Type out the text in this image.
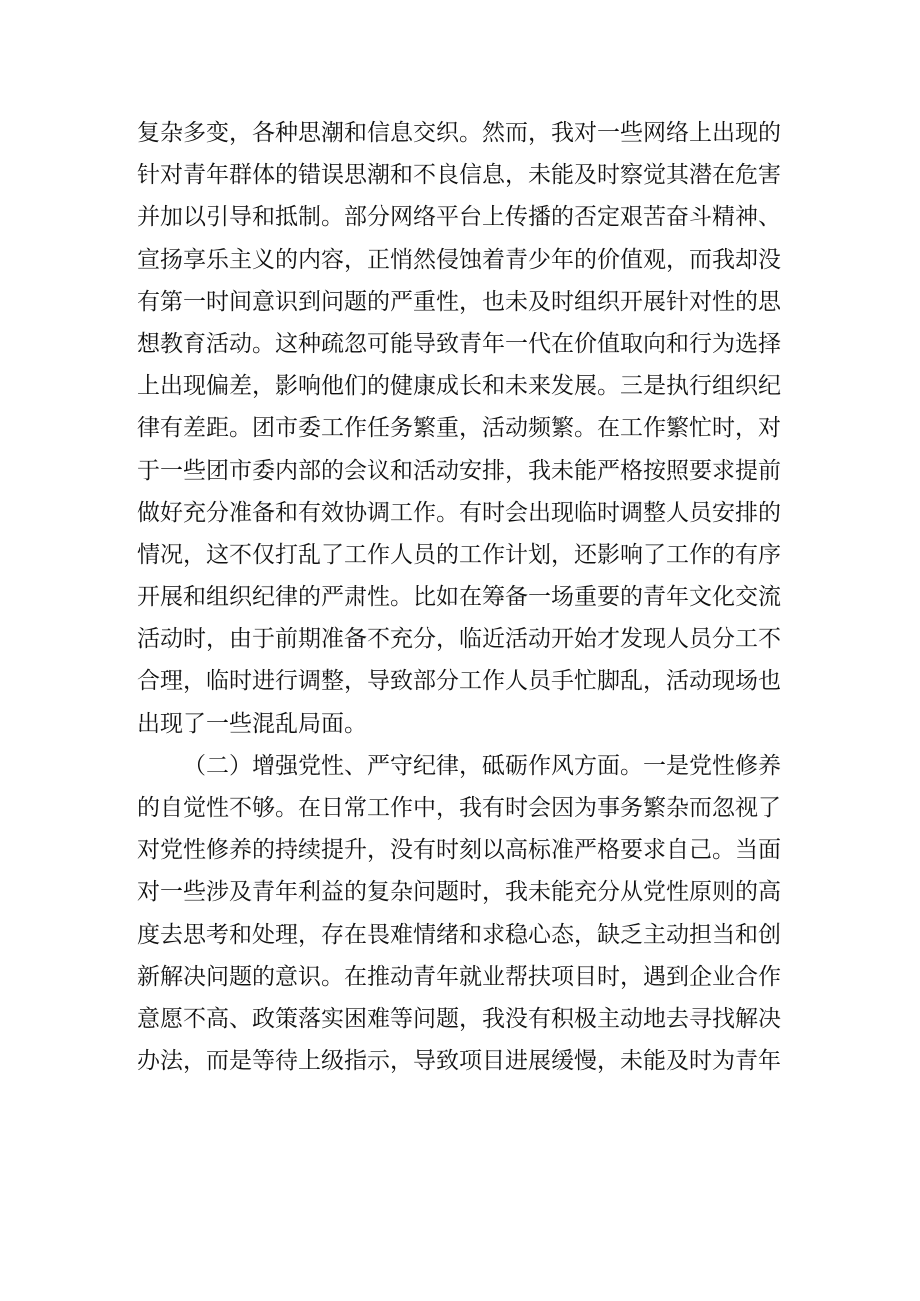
复杂多变，各种思潮和信息交织。然而，我对一些网络上出现的
针对青年群体的错误思潮和不良信息，未能及时察觉其潜在危害
并加以引导和抵制。部分网络平台上传播的否定艰苦奋斗精神、
宣扬享乐主义的内容，正悄然侵蚀着青少年的价值观，而我却没
有第一时间意识到问题的严重性，也未及时组织开展针对性的思
想教育活动。这种疏忽可能导致青年一代在价值取向和行为选择
上出现偏差，影响他们的健康成长和未来发展。三是执行组织纪
律有差距。团市委工作任务繁重，活动频繁。在工作繁忙时，对
于一些团市委内部的会议和活动安排，我未能严格按照要求提前
做好充分准备和有效协调工作。有时会出现临时调整人员安排的
情况，这不仅打乱了工作人员的工作计划，还影响了工作的有序
开展和组织纪律的严肃性。比如在筹备一场重要的青年文化交流
活动时，由于前期准备不充分，临近活动开始才发现人员分工不
合理，临时进行调整，导致部分工作人员手忙脚乱，活动现场也
出现了一些混乱局面。
（二）增强党性、严守纪律，砥砺作风方面。一是党性修养
的自觉性不够。在日常工作中，我有时会因为事务繁杂而忽视了
对党性修养的持续提升，没有时刻以高标准严格要求自己。当面
对一些涉及青年利益的复杂问题时，我未能充分从党性原则的高
度去思考和处理，存在畏难情绪和求稳心态，缺乏主动担当和创
新解决问题的意识。在推动青年就业帮扶项目时，遇到企业合作
意愿不高、政策落实困难等问题，我没有积极主动地去寻找解决
办法，而是等待上级指示，导致项目进展缓慢，未能及时为青年
